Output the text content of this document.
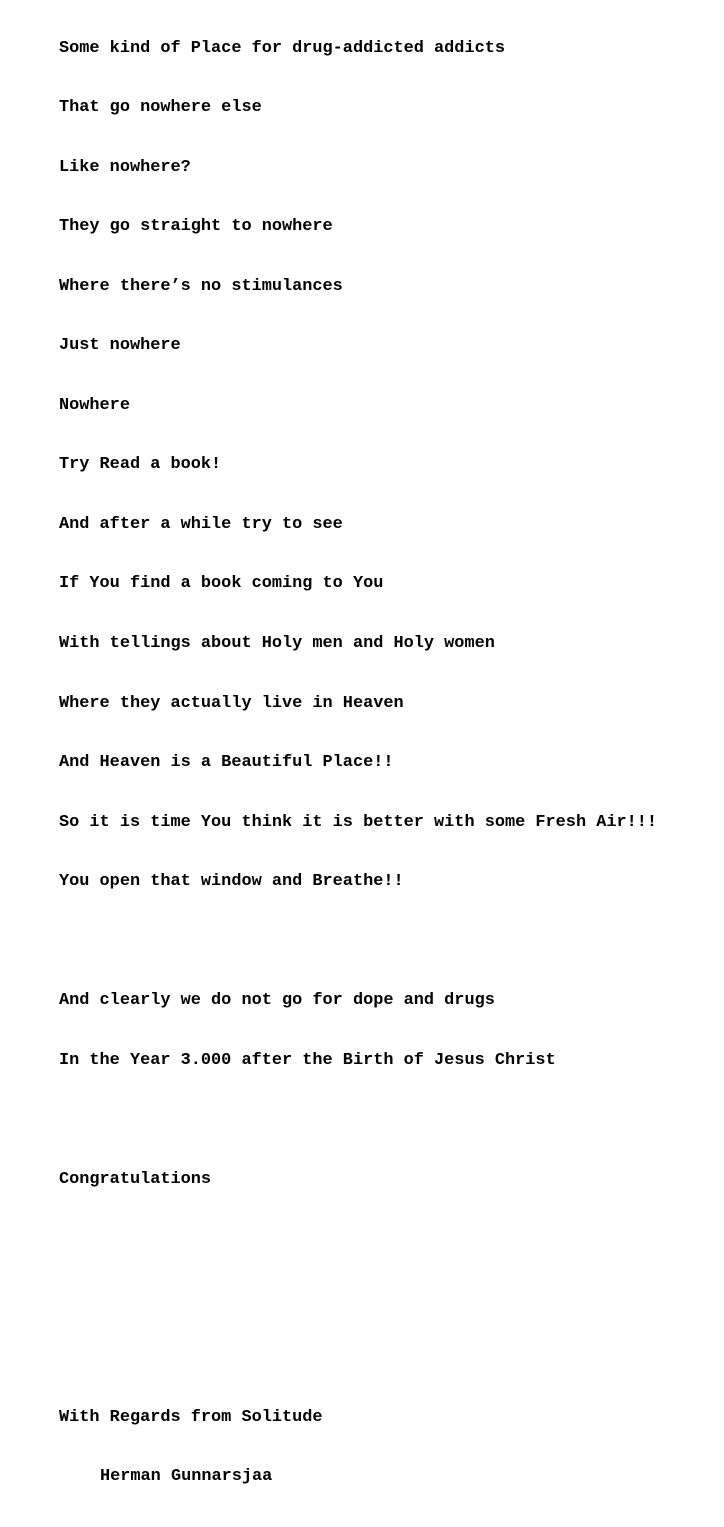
Some kind of Place for drug-addicted addicts

That go nowhere else

Like nowhere?

They go straight to nowhere

Where there’s no stimulances

Just nowhere

Nowhere

Try Read a book!

And after a while try to see

If You find a book coming to You

With tellings about Holy men and Holy women

Where they actually live in Heaven

And Heaven is a Beautiful Place!!

So it is time You think it is better with some Fresh Air!!!

You open that window and Breathe!!

And clearly we do not go for dope and drugs

In the Year 3.000 after the Birth of Jesus Christ

Congratulations

With Regards from Solitude

Herman Gunnarsjaa
